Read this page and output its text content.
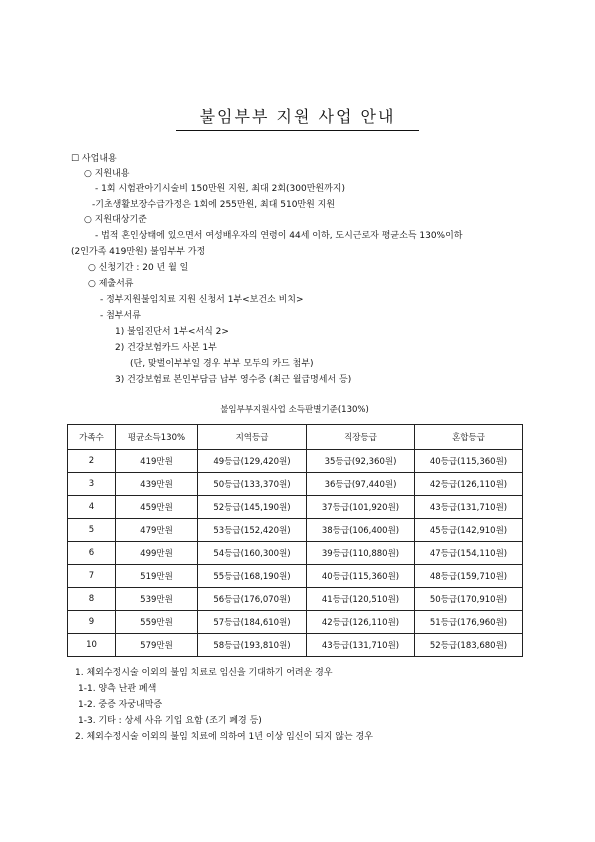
불임부부 지원 사업 안내
☐ 사업내용
○ 지원내용
- 1회 시험관아기시술비 150만원 지원, 최대 2회(300만원까지)
-기초생활보장수급가정은 1회에 255만원, 최대 510만원 지원
○ 지원대상기준
- 법적 혼인상태에 있으면서 여성배우자의 연령이 44세 이하, 도시근로자 평균소득 130%이하
(2인가족 419만원) 불임부부 가정
○ 신청기간 : 20 년 월 일
○ 제출서류
- 정부지원불임치료 지원 신청서 1부<보건소 비치>
- 첨부서류
1) 불임진단서 1부<서식 2>
2) 건강보험카드 사본 1부
(단, 맞벌이부부일 경우 부부 모두의 카드 첨부)
3) 건강보험료 본인부담금 납부 영수증 (최근 월급명세서 등)
불임부부지원사업 소득판별기준(130%)
가족수	평균소득130%	지역등급	직장등급	혼합등급
2	419만원	49등급(129,420원)	35등급(92,360원)	40등급(115,360원)
3	439만원	50등급(133,370원)	36등급(97,440원)	42등급(126,110원)
4	459만원	52등급(145,190원)	37등급(101,920원)	43등급(131,710원)
5	479만원	53등급(152,420원)	38등급(106,400원)	45등급(142,910원)
6	499만원	54등급(160,300원)	39등급(110,880원)	47등급(154,110원)
7	519만원	55등급(168,190원)	40등급(115,360원)	48등급(159,710원)
8	539만원	56등급(176,070원)	41등급(120,510원)	50등급(170,910원)
9	559만원	57등급(184,610원)	42등급(126,110원)	51등급(176,960원)
10	579만원	58등급(193,810원)	43등급(131,710원)	52등급(183,680원)
1. 체외수정시술 이외의 불임 치료로 임신을 기대하기 어려운 경우
1-1. 양측 난관 폐색
1-2. 중증 자궁내막증
1-3. 기타 : 상세 사유 기입 요함 (조기 폐경 등)
2. 체외수정시술 이외의 불임 치료에 의하여 1년 이상 임신이 되지 않는 경우
